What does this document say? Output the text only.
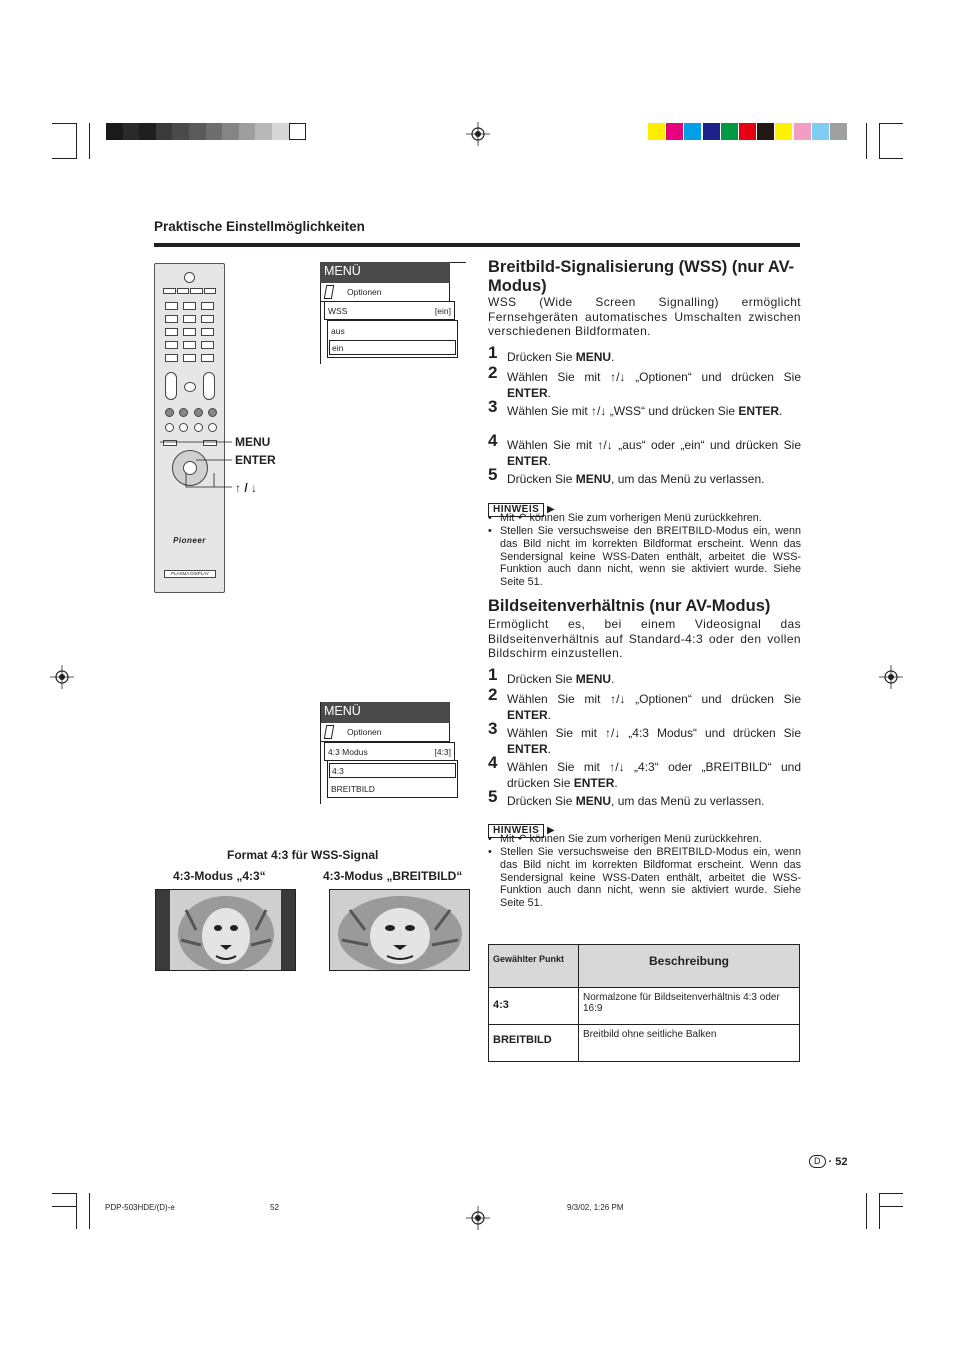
Praktische Einstellmöglichkeiten
Pioneer
PLASMA DISPLAY
MENU
ENTER
↑ / ↓
MENÜ
Optionen
WSS	[ein]
aus
ein
MENÜ
Optionen
4:3 Modus	[4:3]
4:3
BREITBILD
Format 4:3 für WSS-Signal
4:3-Modus „4:3“	4:3-Modus „BREITBILD“
Breitbild-Signalisierung (WSS) (nur AV-Modus)
WSS (Wide Screen Signalling) ermöglicht Fernsehgeräten automatisches Umschalten zwischen verschiedenen Bildformaten.
1 Drücken Sie MENU.
2 Wählen Sie mit ↑/↓ „Optionen“ und drücken Sie ENTER.
3 Wählen Sie mit ↑/↓ „WSS“ und drücken Sie ENTER.
4 Wählen Sie mit ↑/↓ „aus“ oder „ein“ und drücken Sie ENTER.
5 Drücken Sie MENU, um das Menü zu verlassen.
HINWEIS ▶
• Mit ↶ können Sie zum vorherigen Menü zurückkehren.
• Stellen Sie versuchsweise den BREITBILD-Modus ein, wenn das Bild nicht im korrekten Bildformat erscheint. Wenn das Sendersignal keine WSS-Daten enthält, arbeitet die WSS-Funktion auch dann nicht, wenn sie aktiviert wurde. Siehe Seite 51.
Bildseitenverhältnis (nur AV-Modus)
Ermöglicht es, bei einem Videosignal das Bildseitenverhältnis auf Standard-4:3 oder den vollen Bildschirm einzustellen.
1 Drücken Sie MENU.
2 Wählen Sie mit ↑/↓ „Optionen“ und drücken Sie ENTER.
3 Wählen Sie mit ↑/↓ „4:3 Modus“ und drücken Sie ENTER.
4 Wählen Sie mit ↑/↓ „4:3“ oder „BREITBILD“ und drücken Sie ENTER.
5 Drücken Sie MENU, um das Menü zu verlassen.
HINWEIS ▶
• Mit ↶ können Sie zum vorherigen Menü zurückkehren.
• Stellen Sie versuchsweise den BREITBILD-Modus ein, wenn das Bild nicht im korrekten Bildformat erscheint. Wenn das Sendersignal keine WSS-Daten enthält, arbeitet die WSS-Funktion auch dann nicht, wenn sie aktiviert wurde. Siehe Seite 51.
Gewählter Punkt	Beschreibung
4:3	Normalzone für Bildseitenverhältnis 4:3 oder 16:9
BREITBILD	Breitbild ohne seitliche Balken
D · 52
PDP-503HDE/(D)-e	52	9/3/02, 1:26 PM
